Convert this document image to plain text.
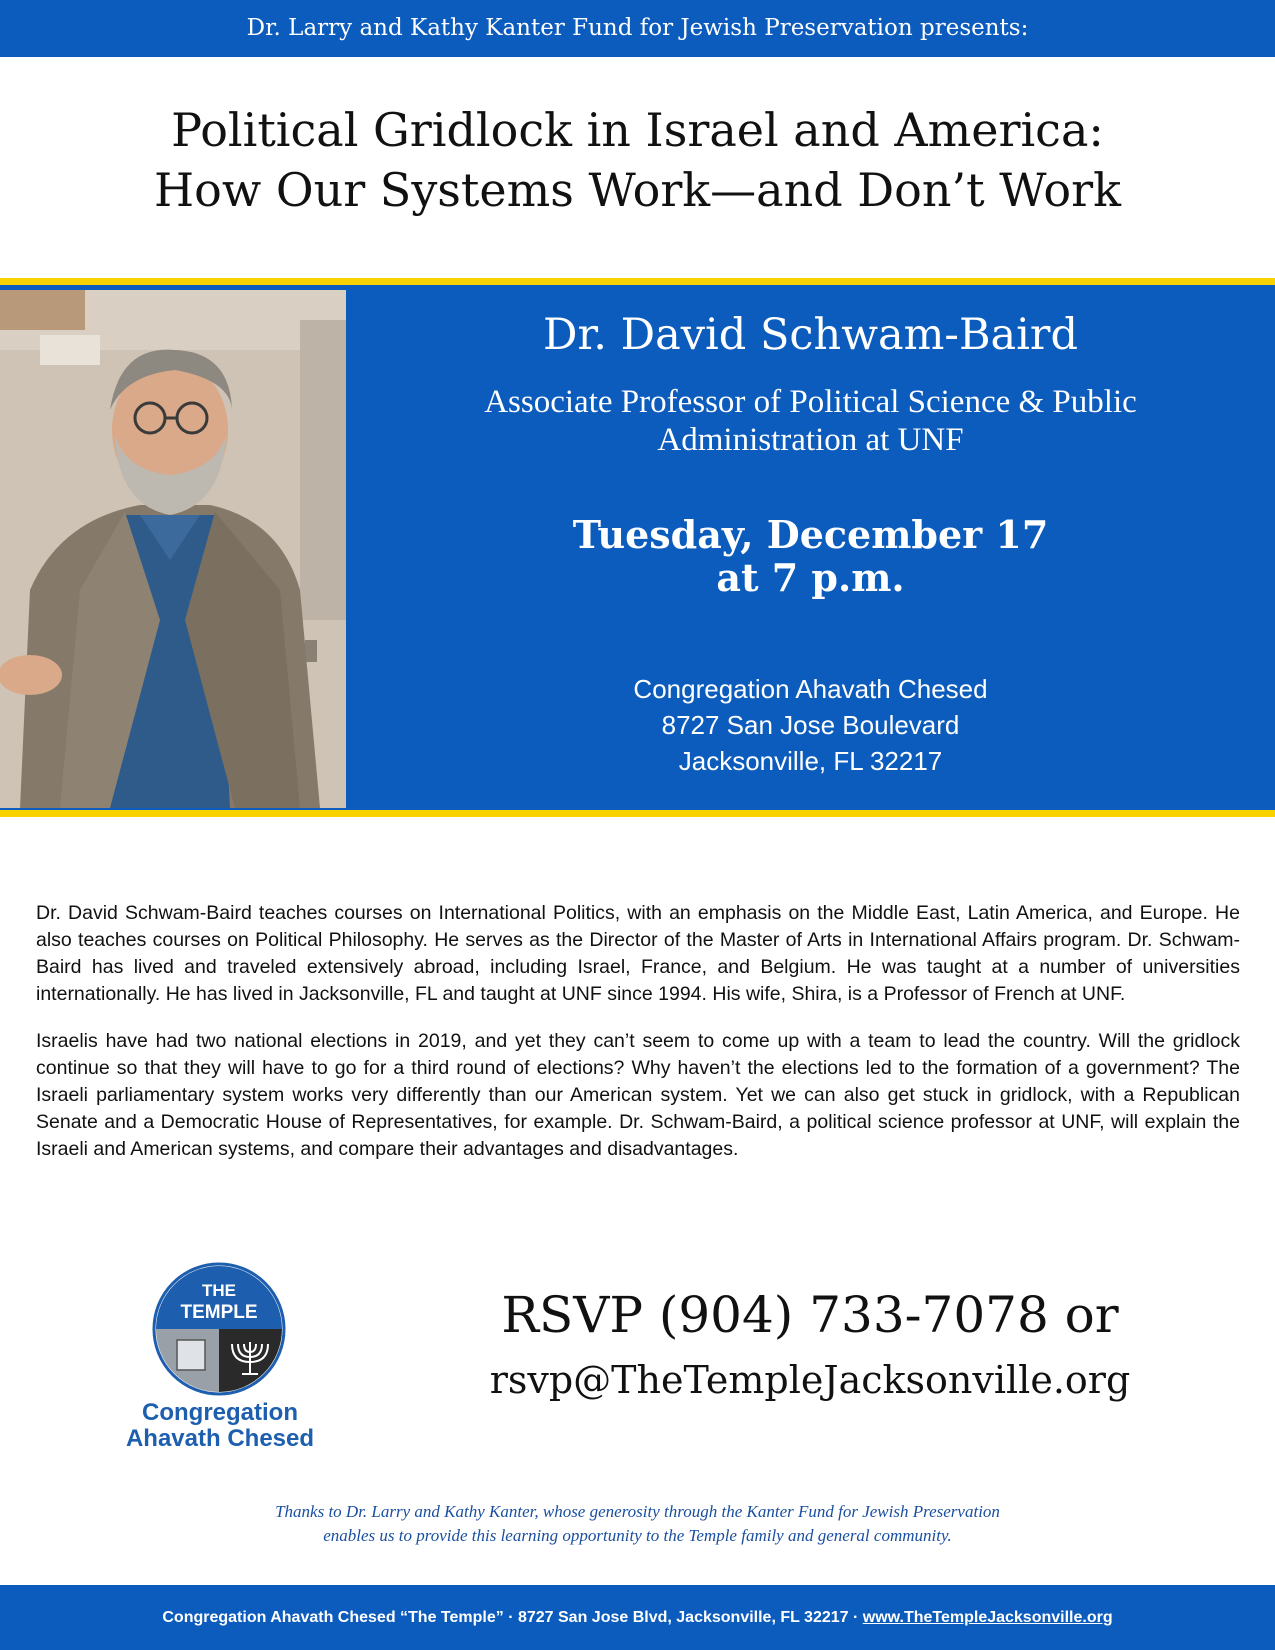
Dr. Larry and Kathy Kanter Fund for Jewish Preservation presents:
Political Gridlock in Israel and America:
How Our Systems Work—and Don’t Work
Dr. David Schwam-Baird
Associate Professor of Political Science & Public
Administration at UNF
Tuesday, December 17
at 7 p.m.
Congregation Ahavath Chesed
8727 San Jose Boulevard
Jacksonville, FL 32217

Dr. David Schwam-Baird teaches courses on International Politics, with an emphasis on the Middle East, Latin America, and Europe. He also teaches courses on Political Philosophy. He serves as the Director of the Master of Arts in International Affairs program. Dr. Schwam-Baird has lived and traveled extensively abroad, including Israel, France, and Belgium. He was taught at a number of universities internationally. He has lived in Jacksonville, FL and taught at UNF since 1994. His wife, Shira, is a Professor of French at UNF.

Israelis have had two national elections in 2019, and yet they can’t seem to come up with a team to lead the country. Will the gridlock continue so that they will have to go for a third round of elections? Why haven’t the elections led to the formation of a government? The Israeli parliamentary system works very differently than our American system. Yet we can also get stuck in gridlock, with a Republican Senate and a Democratic House of Representatives, for example. Dr. Schwam-Baird, a political science professor at UNF, will explain the Israeli and American systems, and compare their advantages and disadvantages.

THE
TEMPLE
Congregation
Ahavath Chesed
RSVP (904) 733-7078 or
rsvp@TheTempleJacksonville.org
Thanks to Dr. Larry and Kathy Kanter, whose generosity through the Kanter Fund for Jewish Preservation
enables us to provide this learning opportunity to the Temple family and general community.
Congregation Ahavath Chesed “The Temple” · 8727 San Jose Blvd, Jacksonville, FL 32217 · www.TheTempleJacksonville.org
